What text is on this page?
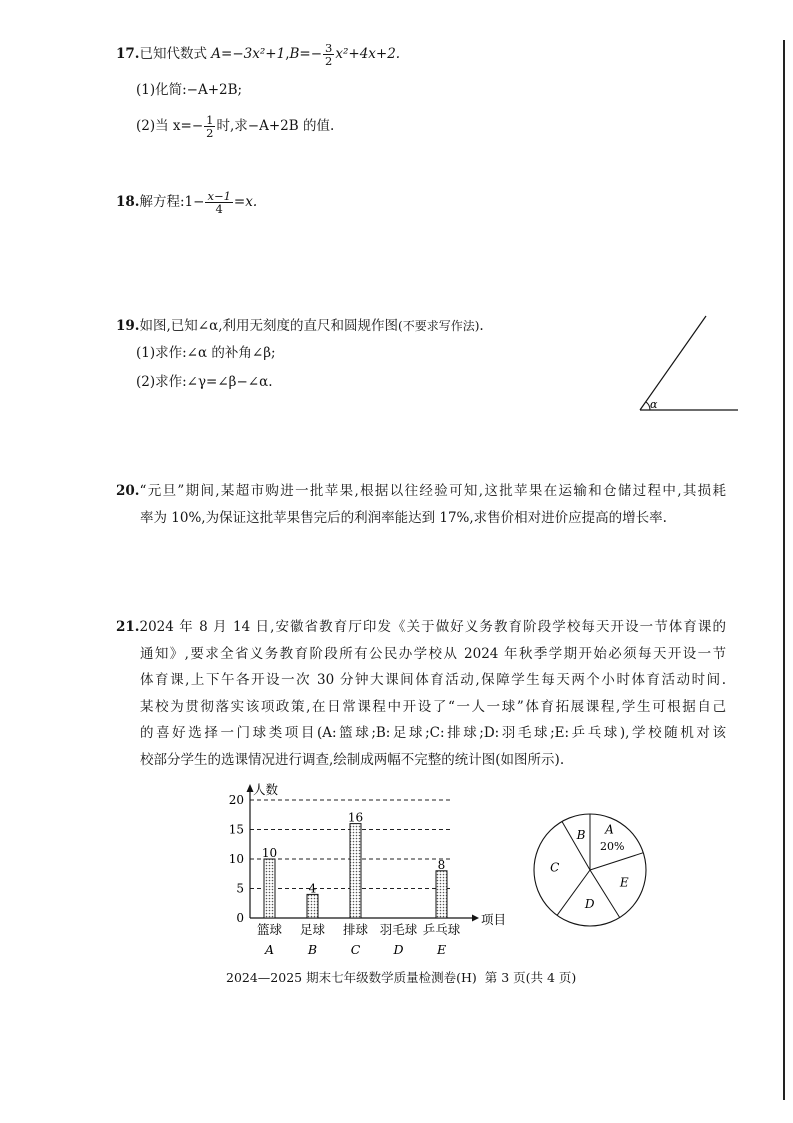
17.已知代数式 $A=-3x^2+1,B=- \frac{3}{2} x^2+4x+2$.
(1)化简:−A+2B;
(2)当 $x=- \frac{1}{2}$ 时,求−A+2B 的值.
18.解方程:1− $\frac{x-1}{4} =x$.
19.如图,已知∠α,利用无刻度的直尺和圆规作图(不要求写作法).
(1)求作:∠α 的补角∠β;
(2)求作:∠γ=∠β−∠α.
α
20.“元旦”期间,某超市购进一批苹果,根据以往经验可知,这批苹果在运输和仓储过程中,其损耗
率为 10%,为保证这批苹果售完后的利润率能达到 17%,求售价相对进价应提高的增长率.
21.2024 年 8 月 14 日,安徽省教育厅印发《关于做好义务教育阶段学校每天开设一节体育课的
通知》,要求全省义务教育阶段所有公民办学校从 2024 年秋季学期开始必须每天开设一节
体育课,上下午各开设一次 30 分钟大课间体育活动,保障学生每天两个小时体育活动时间.
某校为贯彻落实该项政策,在日常课程中开设了“一人一球”体育拓展课程,学生可根据自己
的喜好选择一门球类项目(A:篮球;B:足球;C:排球;D:羽毛球;E:乒乓球),学校随机对该
校部分学生的选课情况进行调查,绘制成两幅不完整的统计图(如图所示).
0
5
10
15
20
人数
项目
10
篮球
A
4
足球
B
16
排球
C
羽毛球
D
8
乒乓球
E
A
B
C
D
E
20%
2024—2025 期末七年级数学质量检测卷(H) 第 3 页(共 4 页)
